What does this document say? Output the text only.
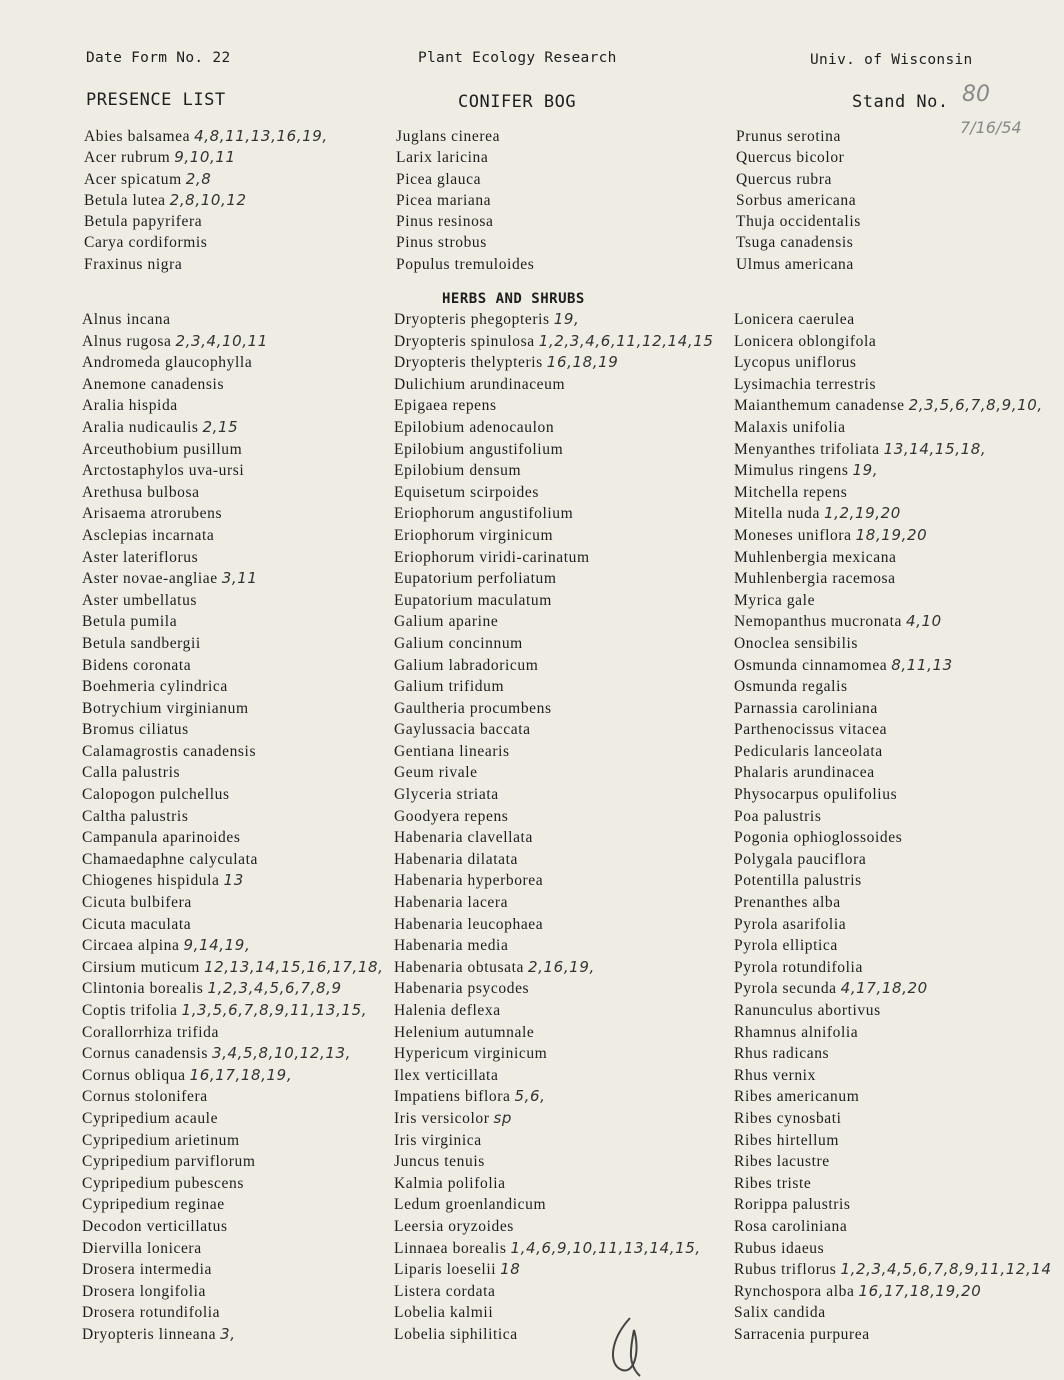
Date Form No. 22	Plant Ecology Research	Univ. of Wisconsin
PRESENCE LIST	CONIFER BOG	Stand No. 80
7/16/54
Abies balsamea 4,8,11,13,16,19,
Acer rubrum 9,10,11
Acer spicatum 2,8
Betula lutea 2,8,10,12
Betula papyrifera
Carya cordiformis
Fraxinus nigra
Juglans cinerea
Larix laricina
Picea glauca
Picea mariana
Pinus resinosa
Pinus strobus
Populus tremuloides
Prunus serotina
Quercus bicolor
Quercus rubra
Sorbus americana
Thuja occidentalis
Tsuga canadensis
Ulmus americana
HERBS AND SHRUBS
Alnus incana
Alnus rugosa 2,3,4,10,11
Andromeda glaucophylla
Anemone canadensis
Aralia hispida
Aralia nudicaulis 2,15
Arceuthobium pusillum
Arctostaphylos uva-ursi
Arethusa bulbosa
Arisaema atrorubens
Asclepias incarnata
Aster lateriflorus
Aster novae-angliae 3,11
Aster umbellatus
Betula pumila
Betula sandbergii
Bidens coronata
Boehmeria cylindrica
Botrychium virginianum
Bromus ciliatus
Calamagrostis canadensis
Calla palustris
Calopogon pulchellus
Caltha palustris
Campanula aparinoides
Chamaedaphne calyculata
Chiogenes hispidula 13
Cicuta bulbifera
Cicuta maculata
Circaea alpina 9,14,19,
Cirsium muticum 12,13,14,15,16,17,18,
Clintonia borealis 1,2,3,4,5,6,7,8,9
Coptis trifolia 1,3,5,6,7,8,9,11,13,15,
Corallorrhiza trifida
Cornus canadensis 3,4,5,8,10,12,13,
Cornus obliqua 16,17,18,19,
Cornus stolonifera
Cypripedium acaule
Cypripedium arietinum
Cypripedium parviflorum
Cypripedium pubescens
Cypripedium reginae
Decodon verticillatus
Diervilla lonicera
Drosera intermedia
Drosera longifolia
Drosera rotundifolia
Dryopteris linneana 3,
Dryopteris phegopteris 19,
Dryopteris spinulosa 1,2,3,4,6,11,12,14,15
Dryopteris thelypteris 16,18,19
Dulichium arundinaceum
Epigaea repens
Epilobium adenocaulon
Epilobium angustifolium
Epilobium densum
Equisetum scirpoides
Eriophorum angustifolium
Eriophorum virginicum
Eriophorum viridi-carinatum
Eupatorium perfoliatum
Eupatorium maculatum
Galium aparine
Galium concinnum
Galium labradoricum
Galium trifidum
Gaultheria procumbens
Gaylussacia baccata
Gentiana linearis
Geum rivale
Glyceria striata
Goodyera repens
Habenaria clavellata
Habenaria dilatata
Habenaria hyperborea
Habenaria lacera
Habenaria leucophaea
Habenaria media
Habenaria obtusata 2,16,19,
Habenaria psycodes
Halenia deflexa
Helenium autumnale
Hypericum virginicum
Ilex verticillata
Impatiens biflora 5,6,
Iris versicolor sp
Iris virginica
Juncus tenuis
Kalmia polifolia
Ledum groenlandicum
Leersia oryzoides
Linnaea borealis 1,4,6,9,10,11,13,14,15,
Liparis loeselii 18
Listera cordata
Lobelia kalmii
Lobelia siphilitica
Lonicera caerulea
Lonicera oblongifola
Lycopus uniflorus
Lysimachia terrestris
Maianthemum canadense 2,3,5,6,7,8,9,10,
Malaxis unifolia
Menyanthes trifoliata 13,14,15,18,
Mimulus ringens 19,
Mitchella repens
Mitella nuda 1,2,19,20
Moneses uniflora 18,19,20
Muhlenbergia mexicana
Muhlenbergia racemosa
Myrica gale
Nemopanthus mucronata 4,10
Onoclea sensibilis
Osmunda cinnamomea 8,11,13
Osmunda regalis
Parnassia caroliniana
Parthenocissus vitacea
Pedicularis lanceolata
Phalaris arundinacea
Physocarpus opulifolius
Poa palustris
Pogonia ophioglossoides
Polygala pauciflora
Potentilla palustris
Prenanthes alba
Pyrola asarifolia
Pyrola elliptica
Pyrola rotundifolia
Pyrola secunda 4,17,18,20
Ranunculus abortivus
Rhamnus alnifolia
Rhus radicans
Rhus vernix
Ribes americanum
Ribes cynosbati
Ribes hirtellum
Ribes lacustre
Ribes triste
Rorippa palustris
Rosa caroliniana
Rubus idaeus
Rubus triflorus 1,2,3,4,5,6,7,8,9,11,12,14
Rynchospora alba 16,17,18,19,20
Salix candida
Sarracenia purpurea
